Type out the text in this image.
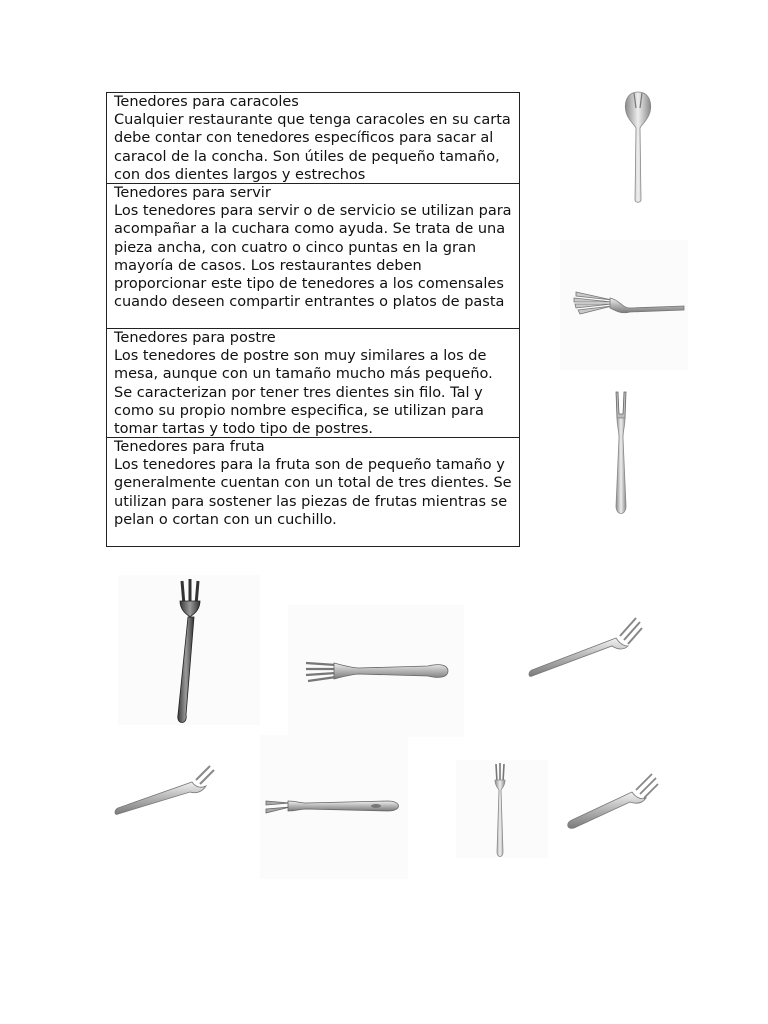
Tenedores para caracoles
Cualquier restaurante que tenga caracoles en su carta debe contar con tenedores específicos para sacar al caracol de la concha. Son útiles de pequeño tamaño, con dos dientes largos y estrechos
Tenedores para servir
Los tenedores para servir o de servicio se utilizan para acompañar a la cuchara como ayuda. Se trata de una pieza ancha, con cuatro o cinco puntas en la gran mayoría de casos. Los restaurantes deben proporcionar este tipo de tenedores a los comensales cuando deseen compartir entrantes o platos de pasta
Tenedores para postre
Los tenedores de postre son muy similares a los de mesa, aunque con un tamaño mucho más pequeño. Se caracterizan por tener tres dientes sin filo. Tal y como su propio nombre especifica, se utilizan para tomar tartas y todo tipo de postres.
Tenedores para fruta
Los tenedores para la fruta son de pequeño tamaño y generalmente cuentan con un total de tres dientes. Se utilizan para sostener las piezas de frutas mientras se pelan o cortan con un cuchillo.
